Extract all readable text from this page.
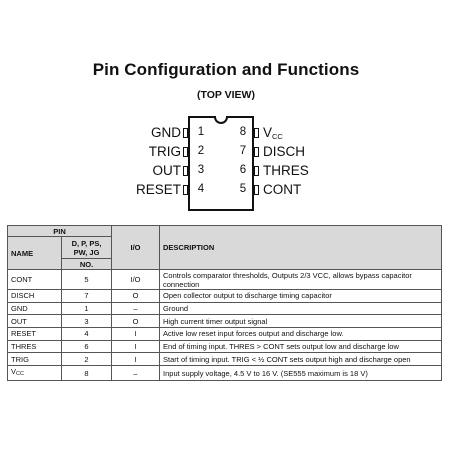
Pin Configuration and Functions
(TOP VIEW)
GND
TRIG
OUT
RESET
1
2
3
4
8
7
6
5
VCC
DISCH
THRES
CONT
PIN		I/O	DESCRIPTION
NAME	D, P, PS, PW, JG		
	NO.		
CONT	5	I/O	Controls comparator thresholds, Outputs 2/3 VCC, allows bypass capacitor connection
DISCH	7	O	Open collector output to discharge timing capacitor
GND	1	–	Ground
OUT	3	O	High current timer output signal
RESET	4	I	Active low reset input forces output and discharge low.
THRES	6	I	End of timing input. THRES > CONT sets output low and discharge low
TRIG	2	I	Start of timing input. TRIG < ½ CONT sets output high and discharge open
VCC	8	–	Input supply voltage, 4.5 V to 16 V. (SE555 maximum is 18 V)
